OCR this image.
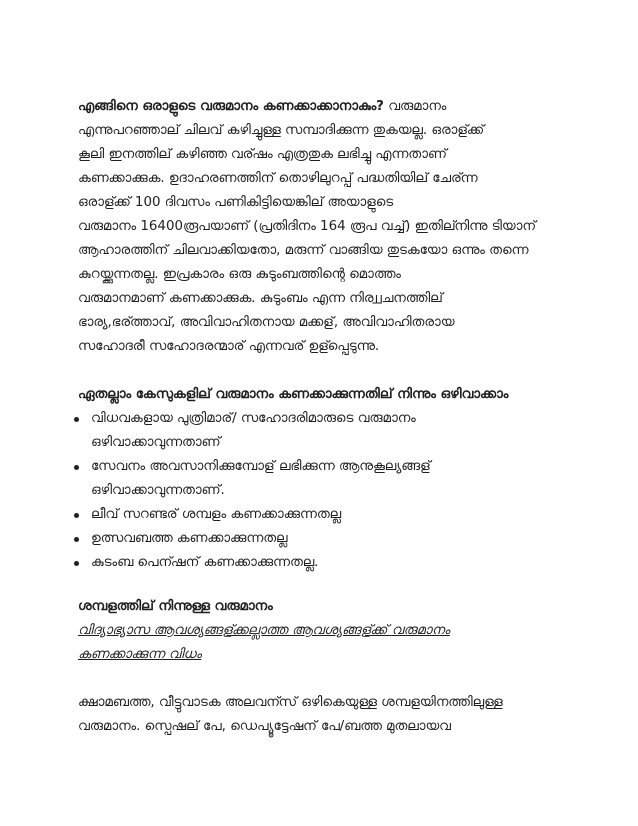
എങ്ങിനെ ഒരാളുടെ വരുമാനം കണക്കാക്കാനാകും? വരുമാനം
എന്നുപറഞ്ഞാല് ചിലവ് കഴിച്ചുള്ള സമ്പാദിക്കുന്ന തുകയല്ല. ഒരാള്ക്ക്
കൂലി ഇനത്തില് കഴിഞ്ഞ വര്ഷം എത്രതുക ലഭിച്ചു എന്നതാണ്
കണക്കാക്കുക. ഉദാഹരണത്തിന് തൊഴിലുറപ്പ് പദ്ധതിയില് ചേര്ന്ന
ഒരാള്ക്ക് 100 ദിവസം പണികിട്ടിയെങ്കില് അയാളുടെ
വരുമാനം 16400രൂപയാണ് (പ്രതിദിനം 164 രൂപ വച്ച്) ഇതില്നിന്നു ടിയാന്
ആഹാരത്തിന് ചിലവാക്കിയതോ, മരുന്ന് വാങ്ങിയ തുടകയോ ഒന്നും തന്നെ
കുറയ്ക്കുന്നതല്ല. ഇപ്രകാരം ഒരു കുടുംബത്തിന്റെ മൊത്തം
വരുമാനമാണ് കണക്കാക്കുക. കുടുംബം എന്ന നിര്വ്വചനത്തില്
ഭാര്യ,ഭര്ത്താവ്, അവിവാഹിതനായ മക്കള്, അവിവാഹിതരായ
സഹോദരീ സഹോദരന്മാര് എന്നവര് ഉള്പ്പെടുന്നു.

ഏതല്ലാം കേസുകളില് വരുമാനം കണക്കാക്കുന്നതില് നിന്നും ഒഴിവാക്കാം

വിധവകളായ പുത്രിമാര്/ സഹോദരിമാരുടെ വരുമാനം
ഒഴിവാക്കാവുന്നതാണ്
സേവനം അവസാനിക്കുമ്പോള് ലഭിക്കുന്ന ആനുകൂല്യങ്ങള്
ഒഴിവാക്കാവുന്നതാണ്.
ലീവ് സറണ്ടര് ശമ്പളം കണക്കാക്കുന്നതല്ല
ഉത്സവബത്ത കണക്കാക്കുന്നതല്ല
കുടംബ പെന്ഷന് കണക്കാക്കുന്നതല്ല.

ശമ്പളത്തില് നിന്നുള്ള വരുമാനം

വിദ്യാഭ്യാസ ആവശ്യങ്ങള്ക്കല്ലാത്ത ആവശ്യങ്ങള്ക്ക് വരുമാനം
കണക്കാക്കുന്ന വിധം

ക്ഷാമബത്ത, വീട്ടുവാടക അലവന്സ് ഒഴികെയുള്ള ശമ്പളയിനത്തിലുള്ള
വരുമാനം. സ്പെഷല് പേ, ഡെപ്യൂട്ടേഷന് പേ/ബത്ത മുതലായവ
